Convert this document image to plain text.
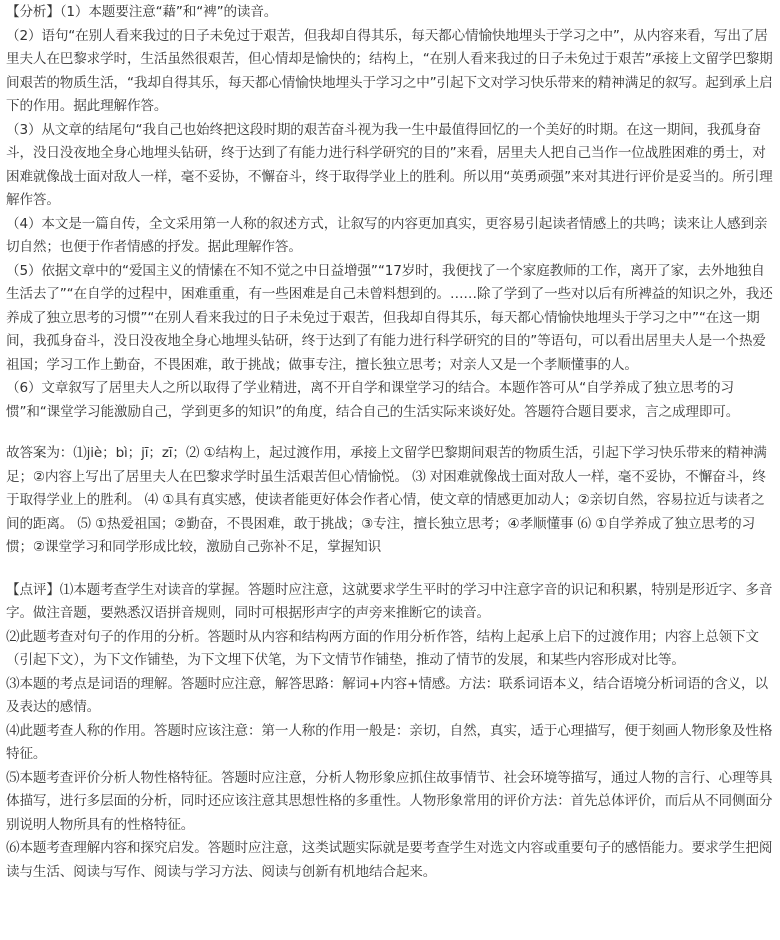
【分析】（1）本题要注意“藉”和“裨”的读音。

（2）语句“在别人看来我过的日子未免过于艰苦，但我却自得其乐，每天都心情愉快地埋头于学习之中”，从内容来看，写出了居里夫人在巴黎求学时，生活虽然很艰苦，但心情却是愉快的；结构上，“在别人看来我过的日子未免过于艰苦”承接上文留学巴黎期间艰苦的物质生活，“我却自得其乐，每天都心情愉快地埋头于学习之中”引起下文对学习快乐带来的精神满足的叙写。起到承上启下的作用。据此理解作答。

（3）从文章的结尾句“我自己也始终把这段时期的艰苦奋斗视为我一生中最值得回忆的一个美好的时期。在这一期间，我孤身奋斗，没日没夜地全身心地埋头钻研，终于达到了有能力进行科学研究的目的”来看，居里夫人把自己当作一位战胜困难的勇士，对困难就像战士面对敌人一样，毫不妥协，不懈奋斗，终于取得学业上的胜利。所以用“英勇顽强”来对其进行评价是妥当的。所引理解作答。

（4）本文是一篇自传，全文采用第一人称的叙述方式，让叙写的内容更加真实，更容易引起读者情感上的共鸣；读来让人感到亲切自然；也便于作者情感的抒发。据此理解作答。

（5）依据文章中的“爱国主义的情愫在不知不觉之中日益增强”“17岁时，我便找了一个家庭教师的工作，离开了家，去外地独自生活去了”“在自学的过程中，困难重重，有一些困难是自己未曾料想到的。……除了学到了一些对以后有所裨益的知识之外，我还养成了独立思考的习惯”“在别人看来我过的日子未免过于艰苦，但我却自得其乐，每天都心情愉快地埋头于学习之中”“在这一期间，我孤身奋斗，没日没夜地全身心地埋头钻研，终于达到了有能力进行科学研究的目的”等语句，可以看出居里夫人是一个热爱祖国；学习工作上勤奋，不畏困难，敢于挑战；做事专注，擅长独立思考；对亲人又是一个孝顺懂事的人。

（6）文章叙写了居里夫人之所以取得了学业精进，离不开自学和课堂学习的结合。本题作答可从“自学养成了独立思考的习惯”和“课堂学习能激励自己，学到更多的知识”的角度，结合自己的生活实际来谈好处。答题符合题目要求，言之成理即可。

故答案为：⑴jiè；bì；jī；zī；⑵ ①结构上，起过渡作用，承接上文留学巴黎期间艰苦的物质生活，引起下学习快乐带来的精神满足；②内容上写出了居里夫人在巴黎求学时虽生活艰苦但心情愉悦。 ⑶ 对困难就像战士面对敌人一样，毫不妥协，不懈奋斗，终于取得学业上的胜利。 ⑷ ①具有真实感，使读者能更好体会作者心情，使文章的情感更加动人；②亲切自然，容易拉近与读者之间的距离。 ⑸ ①热爱祖国；②勤奋，不畏困难，敢于挑战；③专注，擅长独立思考；④孝顺懂事 ⑹ ①自学养成了独立思考的习惯；②课堂学习和同学形成比较，激励自己弥补不足，掌握知识

【点评】⑴本题考查学生对读音的掌握。答题时应注意，这就要求学生平时的学习中注意字音的识记和积累，特别是形近字、多音字。做注音题，要熟悉汉语拼音规则，同时可根据形声字的声旁来推断它的读音。

⑵此题考查对句子的作用的分析。答题时从内容和结构两方面的作用分析作答，结构上起承上启下的过渡作用；内容上总领下文（引起下文），为下文作铺垫，为下文埋下伏笔，为下文情节作铺垫，推动了情节的发展，和某些内容形成对比等。

⑶本题的考点是词语的理解。答题时应注意，解答思路：解词+内容+情感。方法：联系词语本义，结合语境分析词语的含义，以及表达的感情。

⑷此题考查人称的作用。答题时应该注意：第一人称的作用一般是：亲切，自然，真实，适于心理描写，便于刻画人物形象及性格特征。

⑸本题考查评价分析人物性格特征。答题时应注意，分析人物形象应抓住故事情节、社会环境等描写，通过人物的言行、心理等具体描写，进行多层面的分析，同时还应该注意其思想性格的多重性。人物形象常用的评价方法：首先总体评价，而后从不同侧面分别说明人物所具有的性格特征。

⑹本题考查理解内容和探究启发。答题时应注意，这类试题实际就是要考查学生对选文内容或重要句子的感悟能力。要求学生把阅读与生活、阅读与写作、阅读与学习方法、阅读与创新有机地结合起来。
